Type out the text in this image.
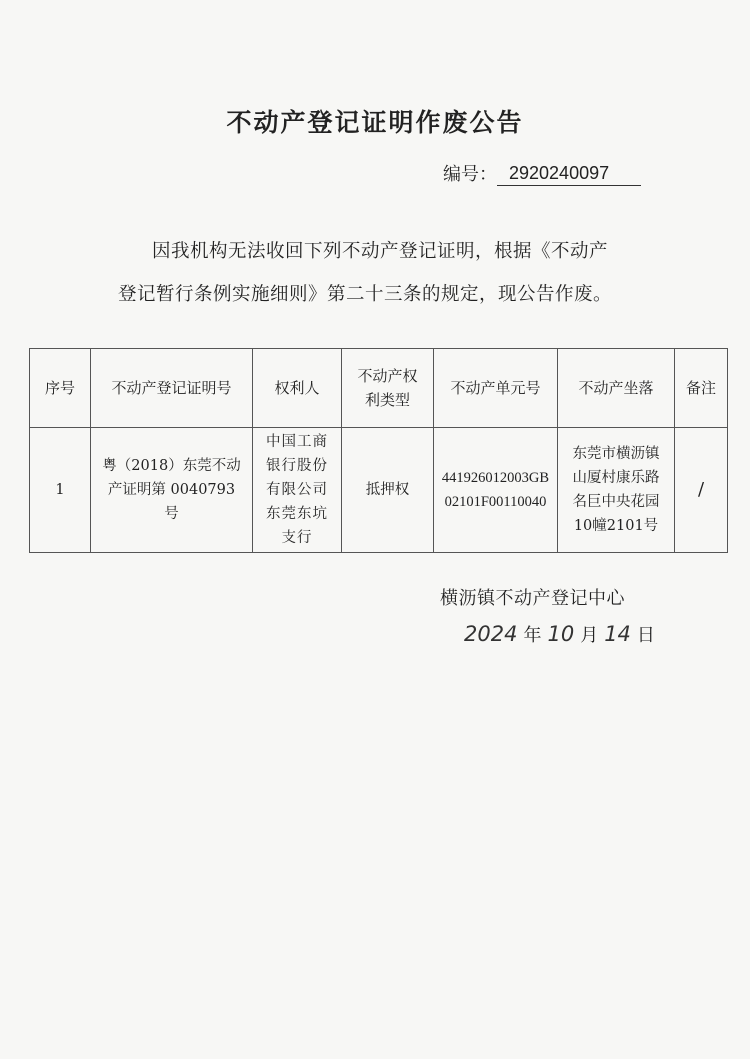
不动产登记证明作废公告
编号： 2920240097
因我机构无法收回下列不动产登记证明，根据《不动产
登记暂行条例实施细则》第二十三条的规定，现公告作废。
序号	不动产登记证明号	权利人	不动产权利类型	不动产单元号	不动产坐落	备注
1	粤（2018）东莞不动产证明第 0040793 号	中国工商银行股份有限公司东莞东坑支行	抵押权	441926012003GB02101F00110040	东莞市横沥镇山厦村康乐路名巨中央花园10幢2101号	/
横沥镇不动产登记中心
2024 年 10 月 14 日
